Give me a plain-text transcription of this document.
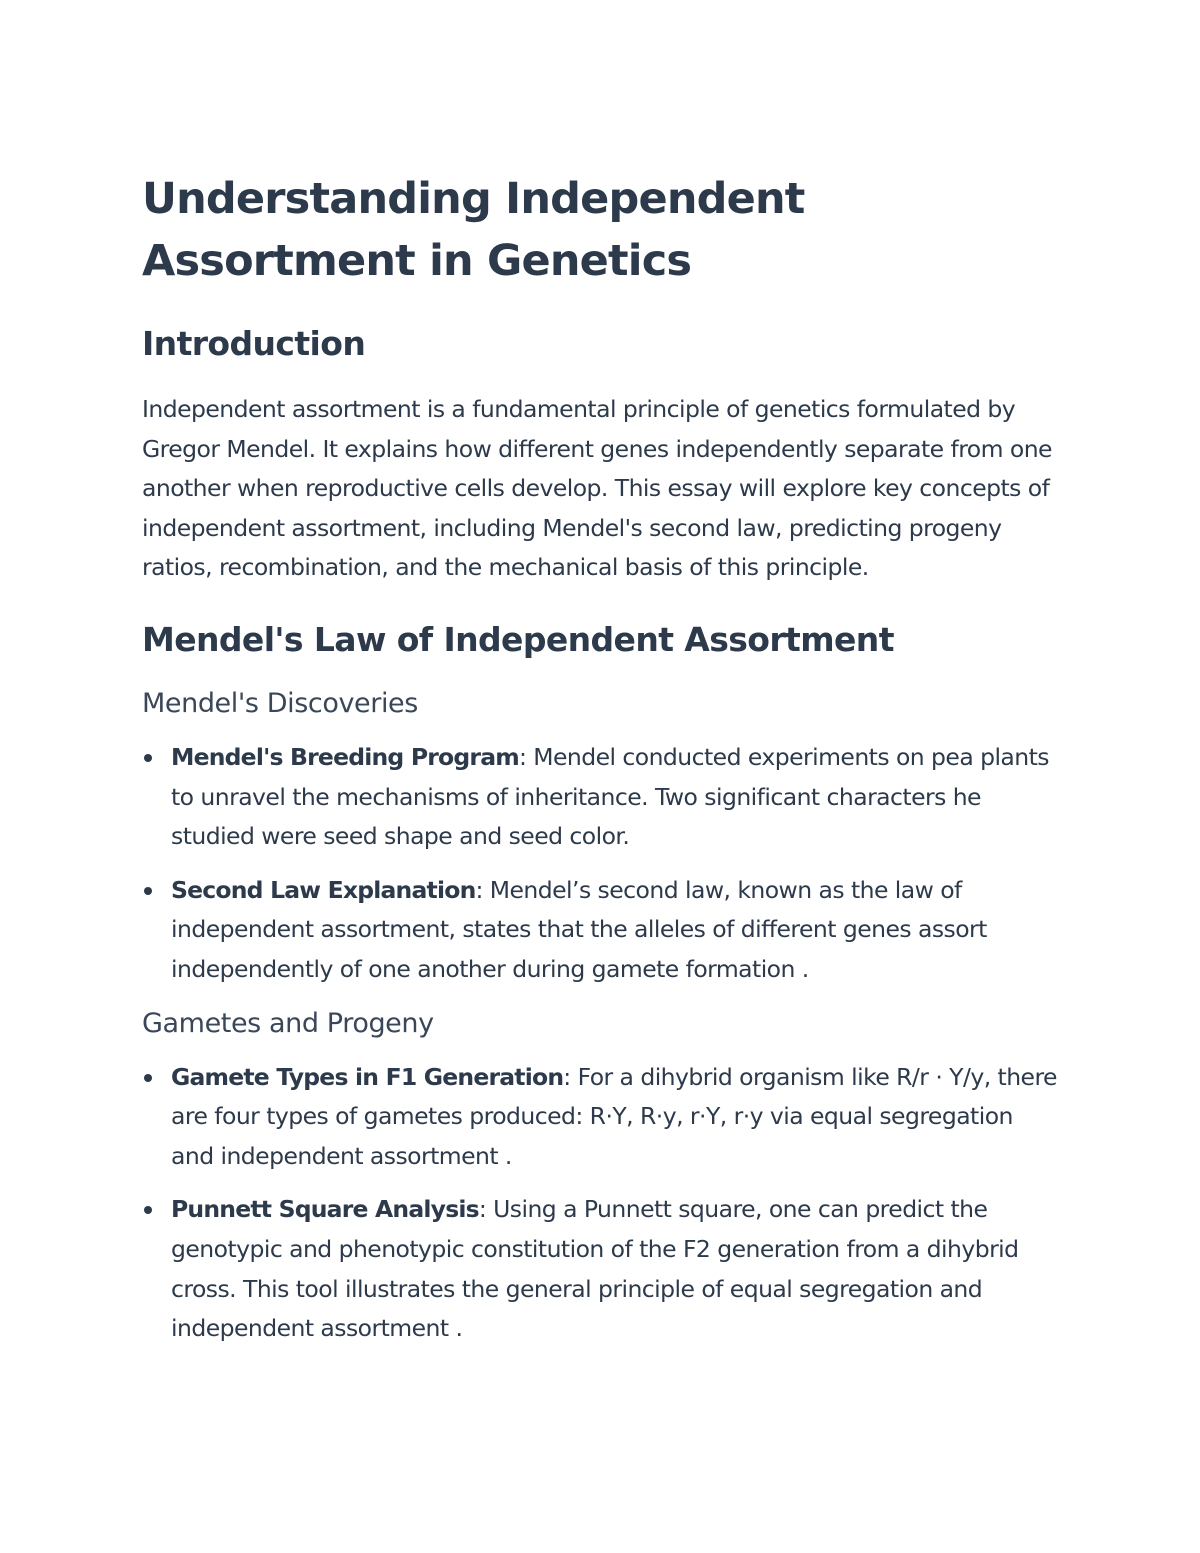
Understanding Independent Assortment in Genetics
Introduction

Independent assortment is a fundamental principle of genetics formulated by Gregor Mendel. It explains how different genes independently separate from one another when reproductive cells develop. This essay will explore key concepts of independent assortment, including Mendel's second law, predicting progeny ratios, recombination, and the mechanical basis of this principle.

Mendel's Law of Independent Assortment
Mendel's Discoveries
Mendel's Breeding Program: Mendel conducted experiments on pea plants to unravel the mechanisms of inheritance. Two significant characters he studied were seed shape and seed color.
Second Law Explanation: Mendel’s second law, known as the law of independent assortment, states that the alleles of different genes assort independently of one another during gamete formation .
Gametes and Progeny
Gamete Types in F1 Generation: For a dihybrid organism like R/r · Y/y, there are four types of gametes produced: R·Y, R·y, r·Y, r·y via equal segregation and independent assortment .
Punnett Square Analysis: Using a Punnett square, one can predict the genotypic and phenotypic constitution of the F2 generation from a dihybrid cross. This tool illustrates the general principle of equal segregation and independent assortment .
